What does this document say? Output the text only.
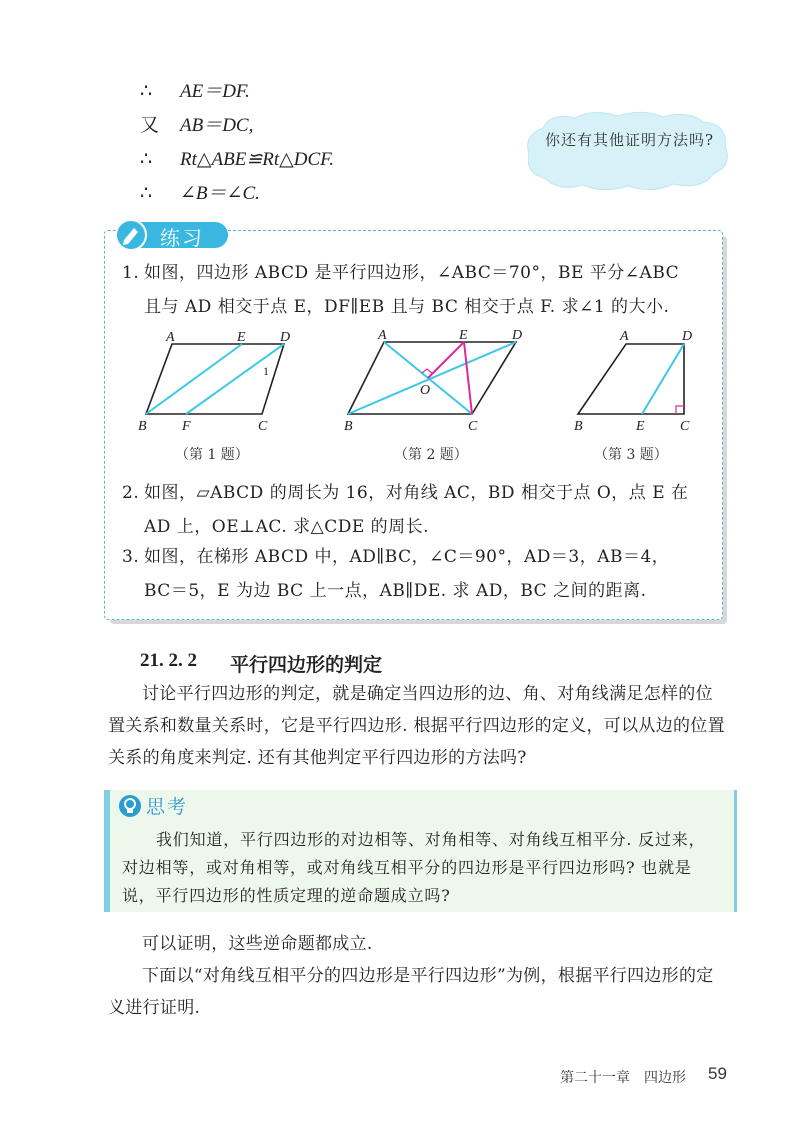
∴ AE＝DF.
又 AB＝DC,
∴ Rt△ABE≌Rt△DCF.
∴ ∠B＝∠C.
你还有其他证明方法吗?
练习
1. 如图，四边形 ABCD 是平行四边形，∠ABC＝70°，BE 平分∠ABC
且与 AD 相交于点 E，DF∥EB 且与 BC 相交于点 F. 求∠1 的大小.
A	E D
1
B	F	C
A	E	D
O
B	C
A	D
B	E	C
（第 1 题）	（第 2 题）	（第 3 题）
2. 如图，▱ABCD 的周长为 16，对角线 AC，BD 相交于点 O，点 E 在
AD 上，OE⊥AC. 求△CDE 的周长.
3. 如图，在梯形 ABCD 中，AD∥BC，∠C＝90°，AD＝3，AB＝4，
BC＝5，E 为边 BC 上一点，AB∥DE. 求 AD，BC 之间的距离.
21. 2. 2 平行四边形的判定
讨论平行四边形的判定，就是确定当四边形的边、角、对角线满足怎样的位置关系和数量关系时，它是平行四边形. 根据平行四边形的定义，可以从边的位置关系的角度来判定. 还有其他判定平行四边形的方法吗?
思考
我们知道，平行四边形的对边相等、对角相等、对角线互相平分. 反过来，对边相等，或对角相等，或对角线互相平分的四边形是平行四边形吗? 也就是说，平行四边形的性质定理的逆命题成立吗?
可以证明，这些逆命题都成立.
下面以“对角线互相平分的四边形是平行四边形”为例，根据平行四边形的定义进行证明.
第二十一章　四边形 59
